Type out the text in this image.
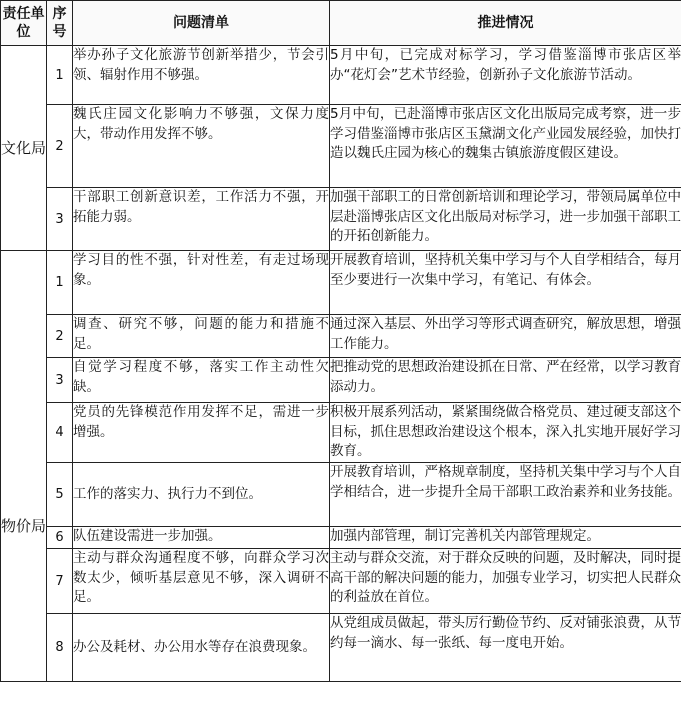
责任单位	序号	问题清单	推进情况
文化局	1	举办孙子文化旅游节创新举措少，节会引领、辐射作用不够强。	5月中旬，已完成对标学习，学习借鉴淄博市张店区举办“花灯会”艺术节经验，创新孙子文化旅游节活动。
	2	魏氏庄园文化影响力不够强，文保力度大，带动作用发挥不够。	5月中旬，已赴淄博市张店区文化出版局完成考察，进一步学习借鉴淄博市张店区玉黛湖文化产业园发展经验，加快打造以魏氏庄园为核心的魏集古镇旅游度假区建设。
	3	干部职工创新意识差，工作活力不强，开拓能力弱。	加强干部职工的日常创新培训和理论学习，带领局属单位中层赴淄博张店区文化出版局对标学习，进一步加强干部职工的开拓创新能力。
物价局	1	学习目的性不强，针对性差，有走过场现象。	开展教育培训，坚持机关集中学习与个人自学相结合，每月至少要进行一次集中学习，有笔记、有体会。
	2	调查、研究不够，问题的能力和措施不足。	通过深入基层、外出学习等形式调查研究，解放思想，增强工作能力。
	3	自觉学习程度不够，落实工作主动性欠缺。	把推动党的思想政治建设抓在日常、严在经常，以学习教育添动力。
	4	党员的先锋模范作用发挥不足，需进一步增强。	积极开展系列活动，紧紧围绕做合格党员、建过硬支部这个目标，抓住思想政治建设这个根本，深入扎实地开展好学习教育。
	5	工作的落实力、执行力不到位。	开展教育培训，严格规章制度，坚持机关集中学习与个人自学相结合，进一步提升全局干部职工政治素养和业务技能。
	6	队伍建设需进一步加强。	加强内部管理，制订完善机关内部管理规定。
	7	主动与群众沟通程度不够，向群众学习次数太少，倾听基层意见不够，深入调研不足。	主动与群众交流，对于群众反映的问题，及时解决，同时提高干部的解决问题的能力，加强专业学习，切实把人民群众的利益放在首位。
	8	办公及耗材、办公用水等存在浪费现象。	从党组成员做起，带头厉行勤俭节约、反对铺张浪费，从节约每一滴水、每一张纸、每一度电开始。
